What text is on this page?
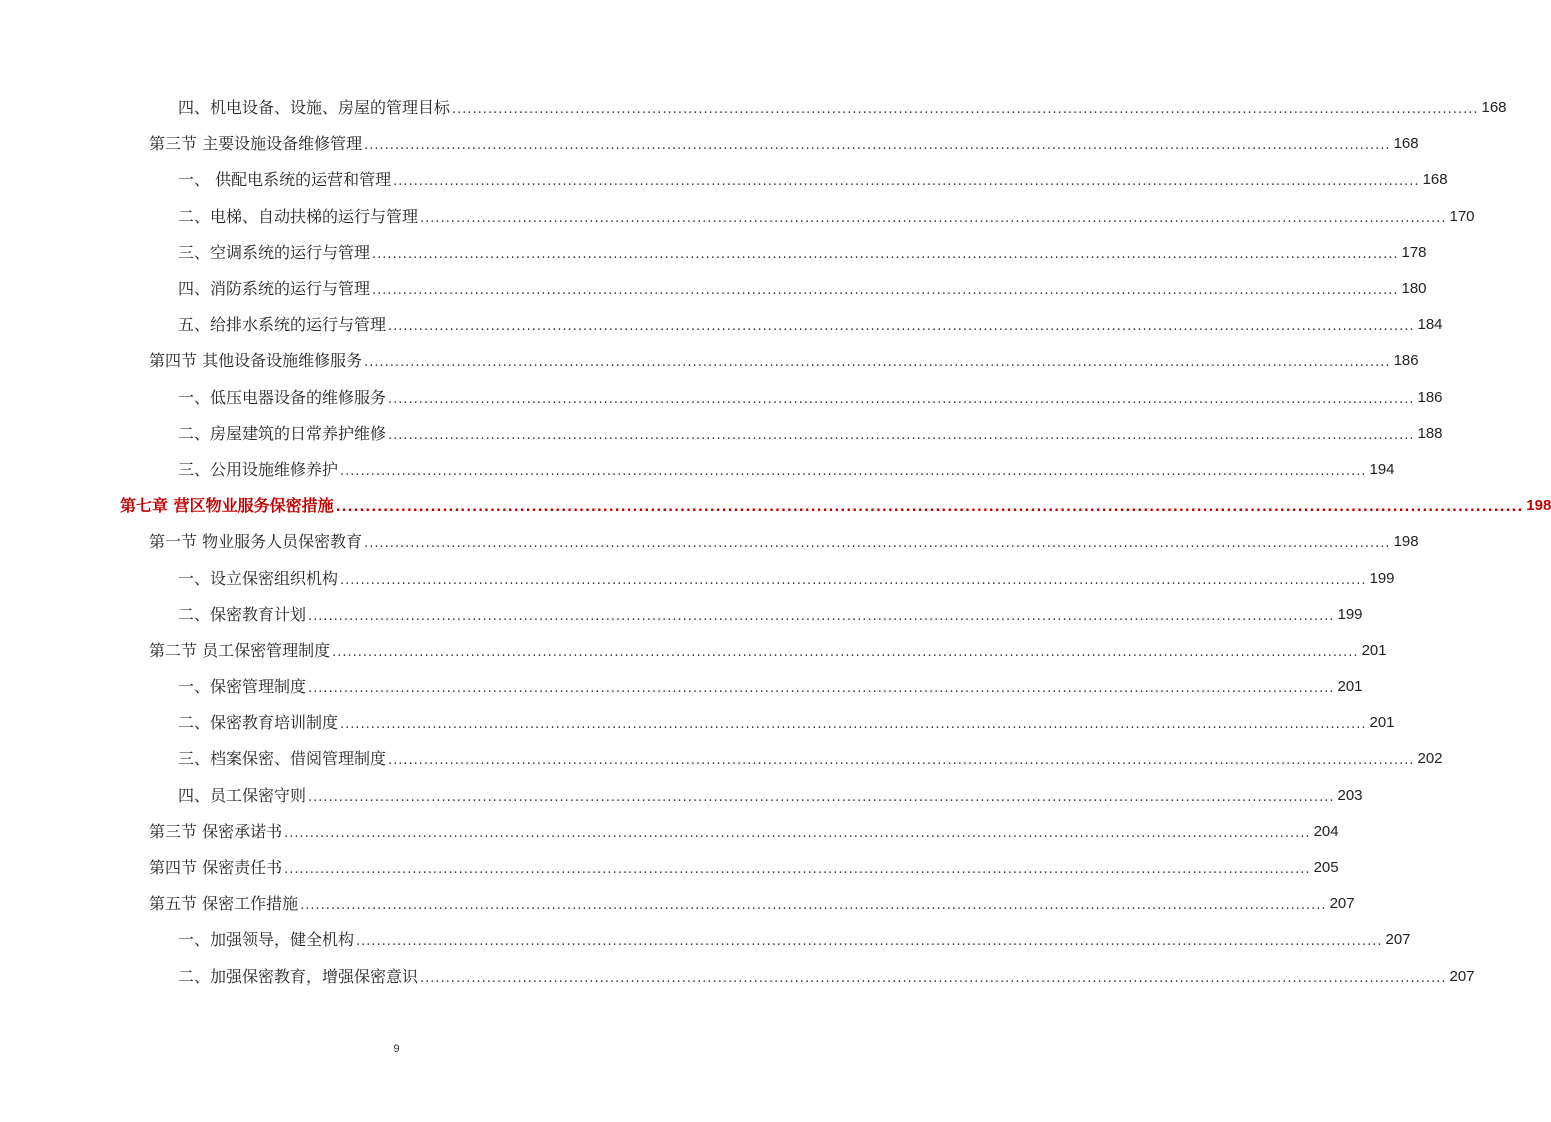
四、机电设备、设施、房屋的管理目标 ........................................................................................................................................................................................................ 168
第三节 主要设施设备维修管理 ........................................................................................................................................................................................................ 168
一、 供配电系统的运营和管理 ........................................................................................................................................................................................................ 168
二、电梯、自动扶梯的运行与管理 ........................................................................................................................................................................................................ 170
三、空调系统的运行与管理 ........................................................................................................................................................................................................ 178
四、消防系统的运行与管理 ........................................................................................................................................................................................................ 180
五、给排水系统的运行与管理 ........................................................................................................................................................................................................ 184
第四节 其他设备设施维修服务 ........................................................................................................................................................................................................ 186
一、低压电器设备的维修服务 ........................................................................................................................................................................................................ 186
二、房屋建筑的日常养护维修 ........................................................................................................................................................................................................ 188
三、公用设施维修养护 ........................................................................................................................................................................................................ 194
第七章 营区物业服务保密措施 ........................................................................................................................................................................................................ 198
第一节 物业服务人员保密教育 ........................................................................................................................................................................................................ 198
一、设立保密组织机构 ........................................................................................................................................................................................................ 199
二、保密教育计划 ........................................................................................................................................................................................................ 199
第二节 员工保密管理制度 ........................................................................................................................................................................................................ 201
一、保密管理制度 ........................................................................................................................................................................................................ 201
二、保密教育培训制度 ........................................................................................................................................................................................................ 201
三、档案保密、借阅管理制度 ........................................................................................................................................................................................................ 202
四、员工保密守则 ........................................................................................................................................................................................................ 203
第三节 保密承诺书 ........................................................................................................................................................................................................ 204
第四节 保密责任书 ........................................................................................................................................................................................................ 205
第五节 保密工作措施 ........................................................................................................................................................................................................ 207
一、加强领导，健全机构 ........................................................................................................................................................................................................ 207
二、加强保密教育，增强保密意识 ........................................................................................................................................................................................................ 207
9
